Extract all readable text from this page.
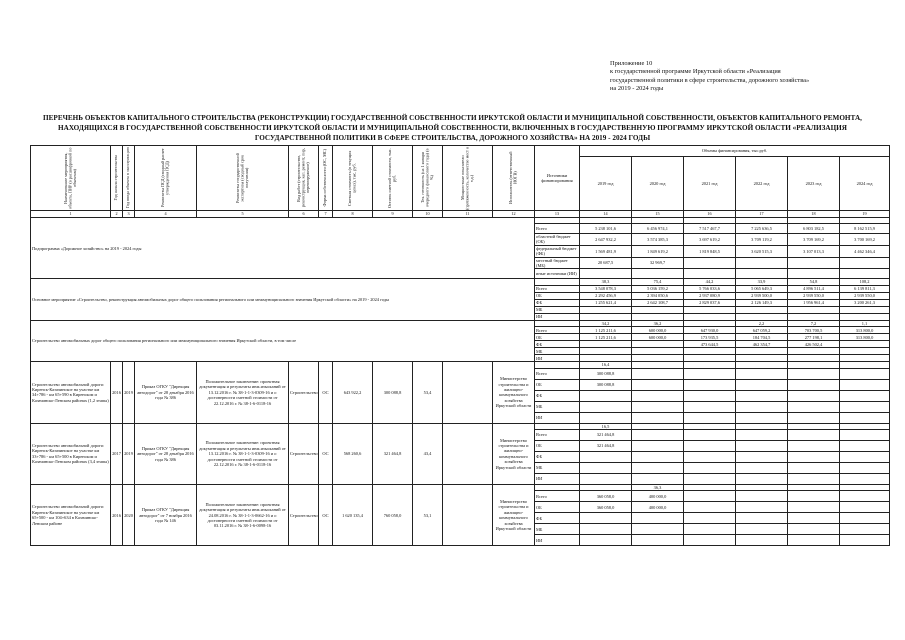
Приложение 10
к государственной программе Иркутской области «Реализация
государственной политики в сфере строительства, дорожного хозяйства»
на 2019 - 2024 годы
ПЕРЕЧЕНЬ ОБЪЕКТОВ КАПИТАЛЬНОГО СТРОИТЕЛЬСТВА (РЕКОНСТРУКЦИИ) ГОСУДАРСТВЕННОЙ СОБСТВЕННОСТИ ИРКУТСКОЙ ОБЛАСТИ И МУНИЦИПАЛЬНОЙ СОБСТВЕННОСТИ, ОБЪЕКТОВ КАПИТАЛЬНОГО РЕМОНТА, НАХОДЯЩИХСЯ В ГОСУДАРСТВЕННОЙ СОБСТВЕННОСТИ ИРКУТСКОЙ ОБЛАСТИ И МУНИЦИПАЛЬНОЙ СОБСТВЕННОСТИ, ВКЛЮЧЕННЫХ В ГОСУДАРСТВЕННУЮ ПРОГРАММУ ИРКУТСКОЙ ОБЛАСТИ «РЕАЛИЗАЦИЯ ГОСУДАРСТВЕННОЙ ПОЛИТИКИ В СФЕРЕ СТРОИТЕЛЬСТВА, ДОРОЖНОГО ХОЗЯЙСТВА» НА 2019 - 2024 ГОДЫ
Наименование мероприятия, объекта, ПИР (в расшифровкой по объектам)	Год начала строительства	Год ввода объекта в эксплуатацию	Реквизиты ПСД (сводный расчет утверждения ПСД)	Реквизиты государственной экспертизы (сводный срок получения)	Вид работ (строительство, реконструкция, кап. ремонт, пир, перевооружение)	Форма собственности (ОС, МС)	Сметная стоимость (в текущих ценах), тыс. руб.	Остаток сметной стоимости, тыс. руб.	Тех. готовность (на 1 января очередного финансового года) (в %)	Мощностные показатели (протяженность, количество мест и т.д.)	Исполнитель (ответственный ИОГВ)	Источники финансирования	Объемы финансирования, тыс.руб.					
													2019 год	2020 год	2021 год	2022 год	2023 год	2024 год
1	2	3	4	5	6	7	8	9	10	11	12	13	14	15	16	17	18	19
Подпрограмма «Дорожное хозяйство» на 2019 - 2024 годы																		
												Всего	5 238 101,6	6 456 974,1	7 517 467,7	7 225 636,5	6 803 182,5	8 162 515,9
												областной бюджет (ОБ)	2 647 932,2	3 574 385,3	3 697 619,2	3 709 119,2	3 709 169,2	3 700 169,2
												федеральный бюджет (ФБ)	1 569 481,9	1 849 619,2	1 819 848,5	3 620 515,3	3 107 013,3	4 462 346,4
												местный бюджет (МБ)	20 687,5	32 969,7				
												иные источники (ИИ)						
Основное мероприятие «Строительство, реконструкция автомобильных дорог общего пользования регионального или межмуниципального значения Иркутской области» на 2019 - 2024 годы													38,3	75,4	44,2	33,9	54,8	108,2
												Всего	3 548 078,3	5 036 159,2	5 766 033,6	5 065 649,3	4 896 511,4	6 139 811,3
												ОБ	2 292 456,9	2 394 050,6	2 937 080,9	2 939 500,0	2 939 550,0	2 939 550,0
												ФБ	1 255 621,4	2 642 108,7	2 829 037,6	2 126 149,3	1 956 961,4	3 200 261,3
												МБ						
												ИИ						
Строительство автомобильных дорог общего пользования регионального или межмуниципального значения Иркутской области, в том числе													34,2	36,2		2,2	7,2	1,1
												Всего	1 125 211,6	600 000,0	647 930,0	647 059,2	703 700,5	313 800,0
												ОБ	1 125 211,6	600 000,0	173 935,5	184 704,5	277 198,1	313 800,0
												ФБ			473 644,5	462 354,7	426 502,4	
												МБ						
												ИИ						
Строительство автомобильной дороги Киренск-Казачинское на участке км 34+786 - км 65+590 в Киренском и Казачинско-Ленском районах (1,2 этапы)	2016	2019	Приказ ОГКУ "Дирекция автодорог" от 28 декабря 2016 года № 386	Положительное заключение: проектная документация и результаты инж.изысканий от 13.12.2016 г. № 38-1-1-3-0309-16 и о достоверности сметной стоимости от 22.12.2016 г. № 38-1-6-0118-16	Строительство	ОС	643 922,2	300 088,8	53,4		Министерство строительства и жилищно-коммунального хозяйства Иркутской области		16,4					
												Всего	300 088,8					
												ОБ	300 088,8					
												ФБ						
												МБ						
												ИИ						
Строительство автомобильной дороги Киренск-Казачинское на участке км 33+786 - км 65+500 в Киренском и Казачинско-Ленском районах (3,4 этапы)	2017	2019	Приказ ОГКУ "Дирекция автодорог" от 28 декабря 2016 года № 386	Положительное заключение: проектная документация и результаты инж.изысканий от 13.12.2016 г. № 38-1-1-3-0309-16 и о достоверности сметной стоимости от 22.12.2016 г. № 38-1-6-0118-16	Строительство	ОС	568 260,6	321 464,8	43,4		Министерство строительства и жилищно-коммунального хозяйства Иркутской области		16,5					
												Всего	321 464,8					
												ОБ	321 464,8					
												ФБ						
												МБ						
												ИИ						
Строительство автомобильной дороги Киренск-Казачинское на участке км 65+500 - км 104+634 в Казачинско-Ленском районе	2016	2020	Приказ ОГКУ "Дирекция автодорог" от 7 ноября 2016 года № 146	Положительное заключение: проектная документация и результаты инж.изысканий от 24.08.2016 г. № 38-1-1-3-0662-16 и о достоверности сметной стоимости от 03.11.2016 г. № 38-1-6-0098-16	Строительство	ОС	1 620 135,4	760 058,0	53,1		Министерство строительства и жилищно-коммунального хозяйства Иркутской области			36,3				
												Всего	360 058,0	400 000,0				
												ОБ	360 058,0	400 000,0				
												ФБ						
												МБ						
												ИИ						
